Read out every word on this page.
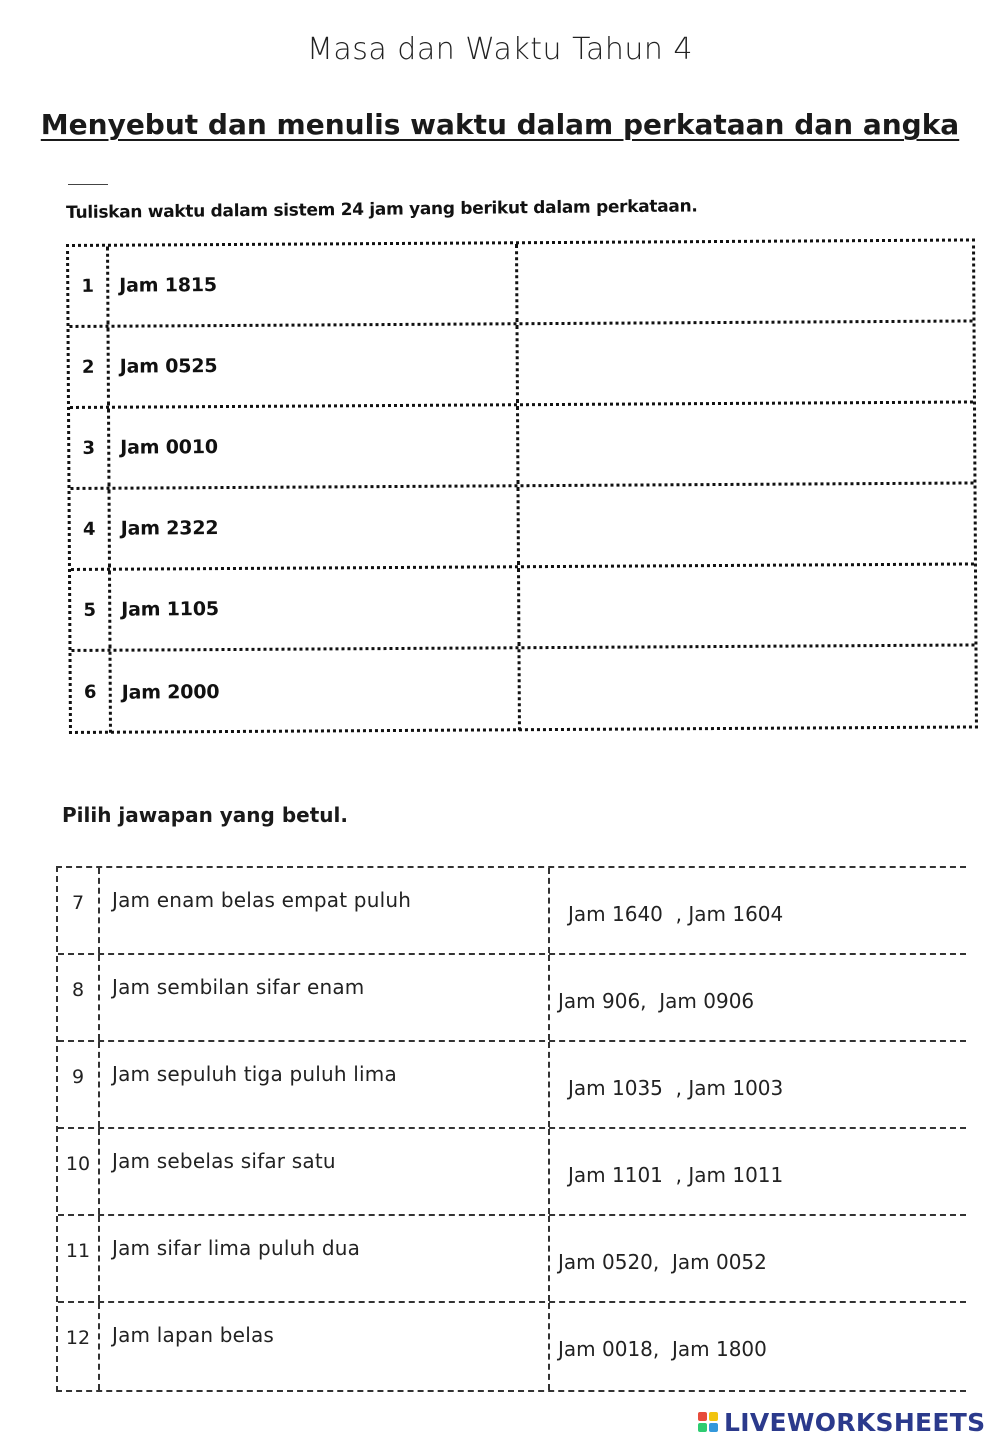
Masa dan Waktu Tahun 4
Menyebut dan menulis waktu dalam perkataan dan angka
Tuliskan waktu dalam sistem 24 jam yang berikut dalam perkataan.
1	Jam 1815
2	Jam 0525
3	Jam 0010
4	Jam 2322
5	Jam 1105
6	Jam 2000
Pilih jawapan yang betul.
7	Jam enam belas empat puluh
Jam 1640  , Jam 1604
8	Jam sembilan sifar enam
Jam 906, Jam 0906
9	Jam sepuluh tiga puluh lima
Jam 1035  , Jam 1003
10	Jam sebelas sifar satu
Jam 1101  , Jam 1011
11	Jam sifar lima puluh dua
Jam 0520, Jam 0052
12	Jam lapan belas
Jam 0018, Jam 1800
LIVEWORKSHEETS
